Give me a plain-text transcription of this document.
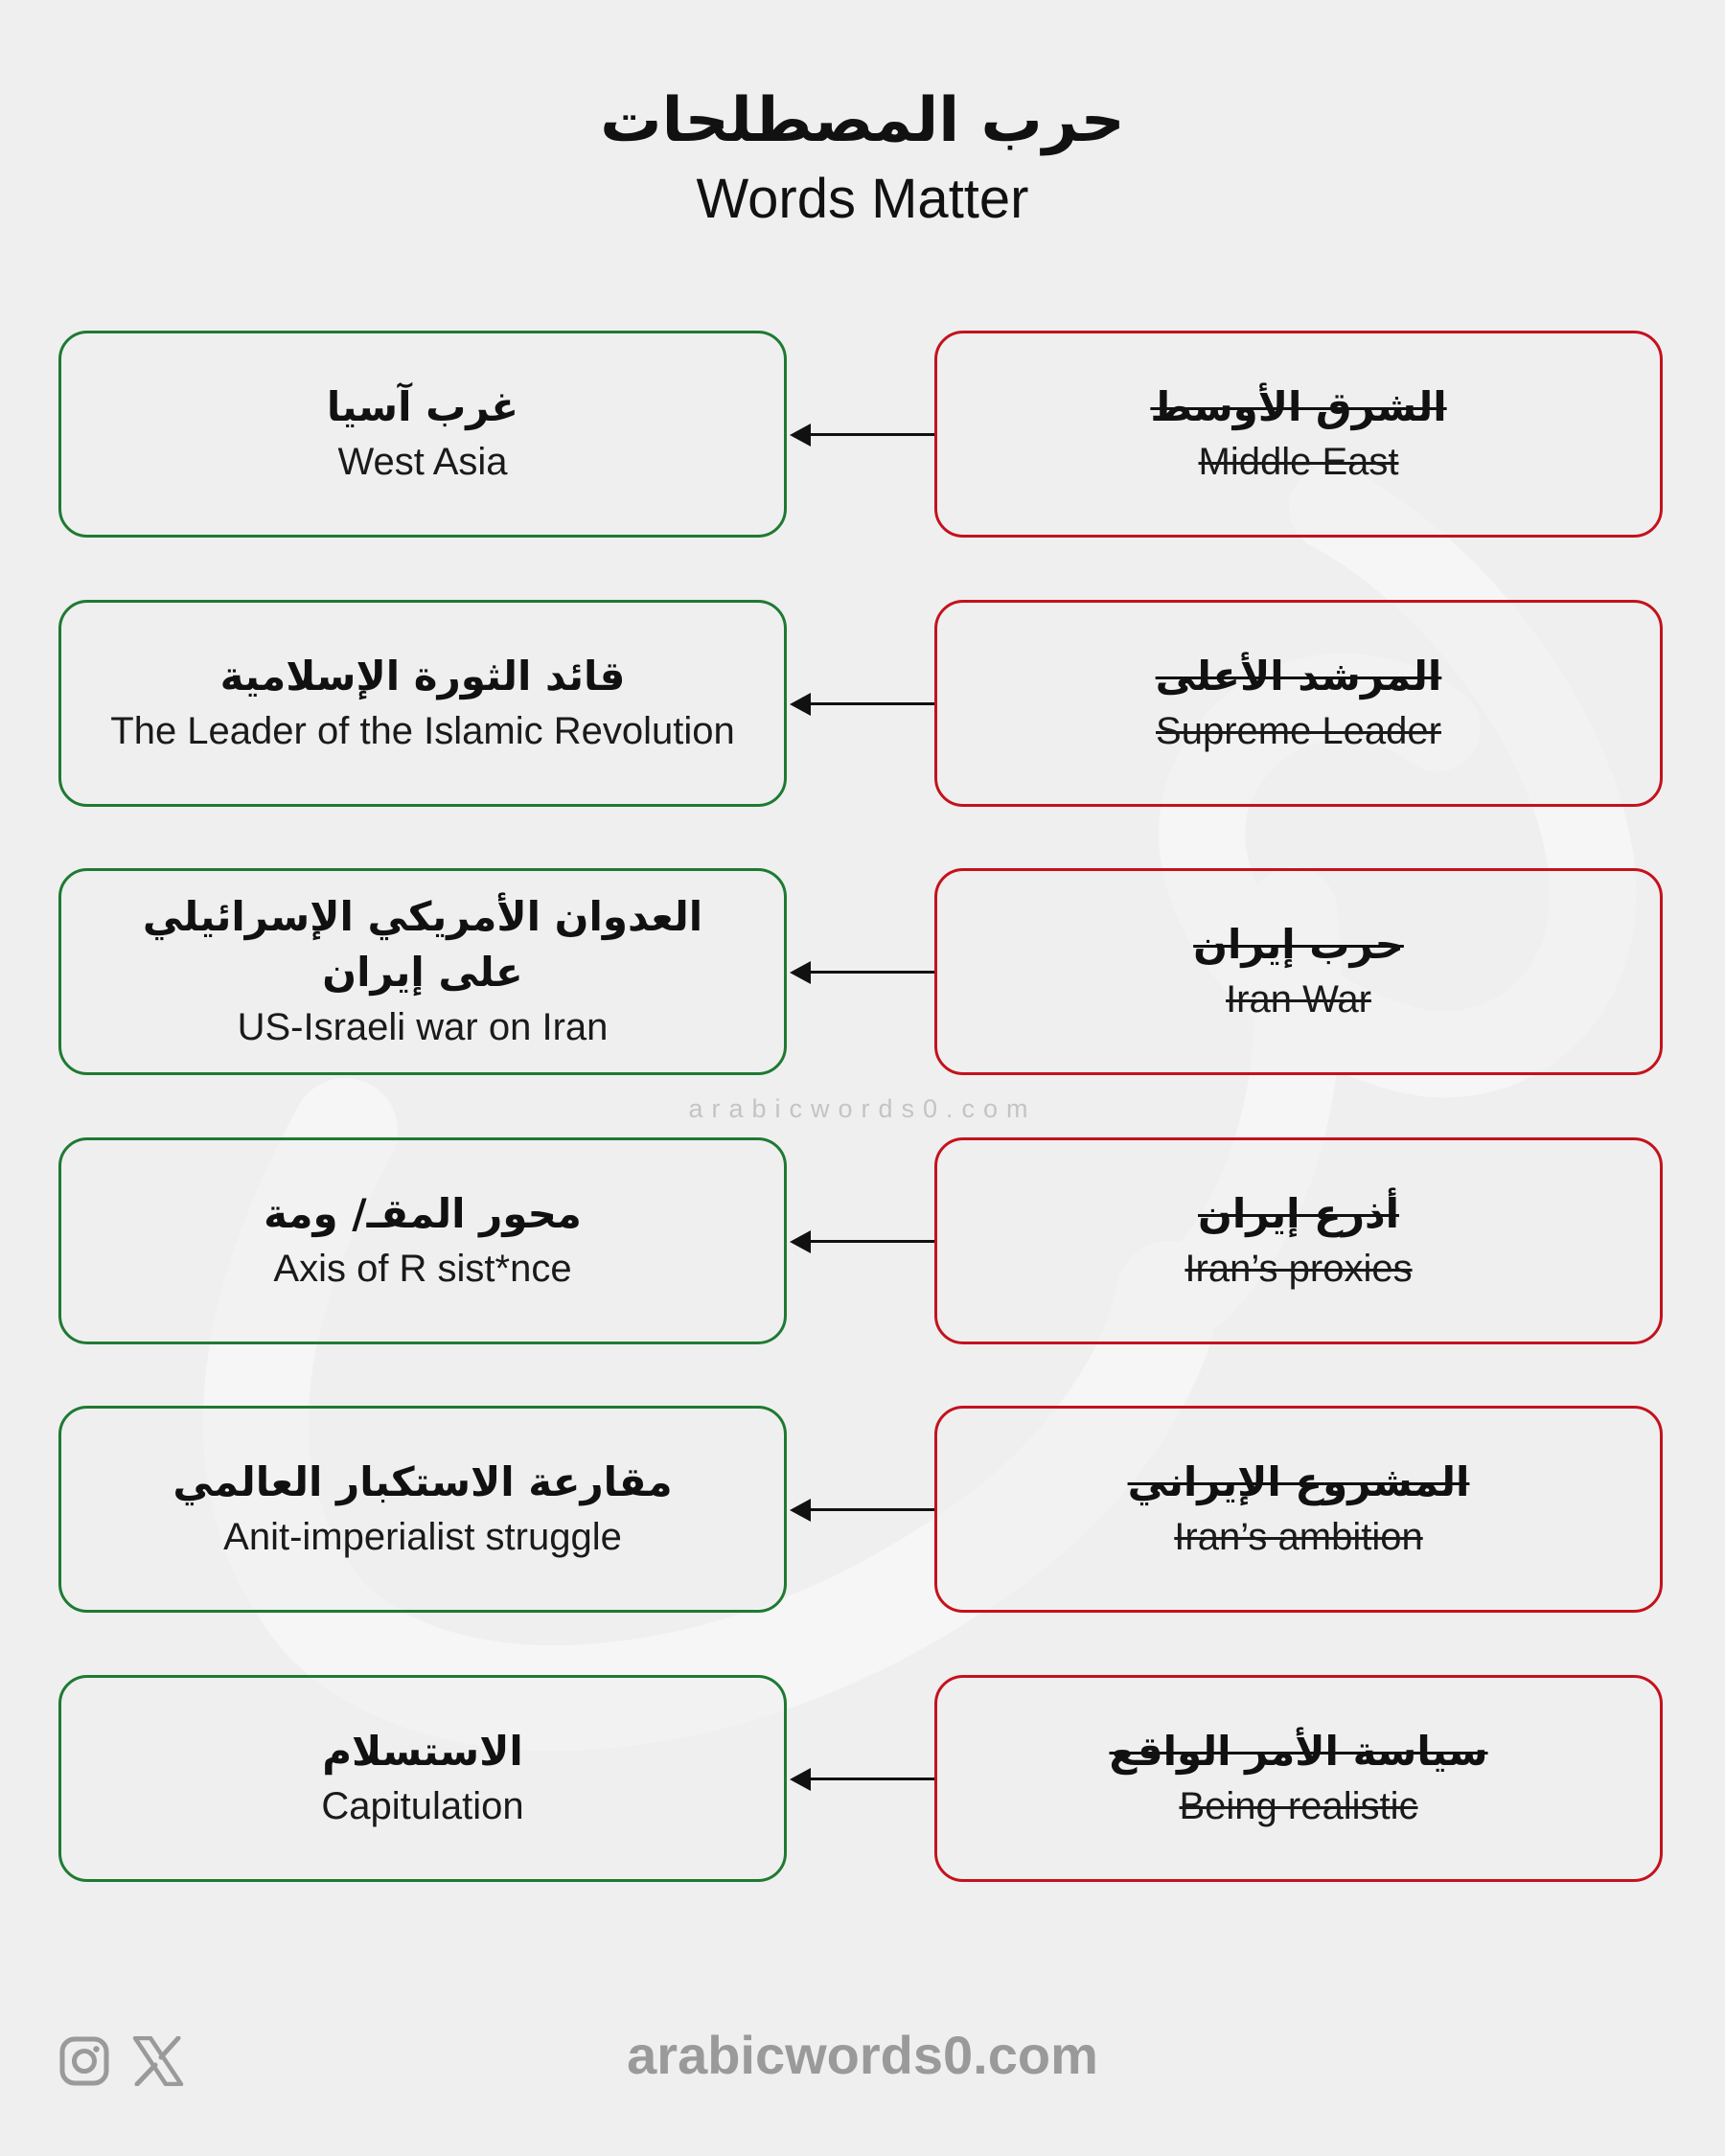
حرب المصطلحات
Words Matter
غرب آسيا
West Asia
الشرق الأوسط
Middle East
قائد الثورة الإسلامية
The Leader of the Islamic Revolution
المرشد الأعلى
Supreme Leader
العدوان الأمريكي الإسرائيلي على إيران
US-Israeli war on Iran
حرب إيران
Iran War
arabicwords0.com
محور المقـ/ ومة
Axis of R sist*nce
أذرع إيران
Iran’s proxies
مقارعة الاستكبار العالمي
Anit-imperialist struggle
المشروع الإيراني
Iran’s ambition
الاستسلام
Capitulation
سياسة الأمر الواقع
Being realistic
arabicwords0.com
